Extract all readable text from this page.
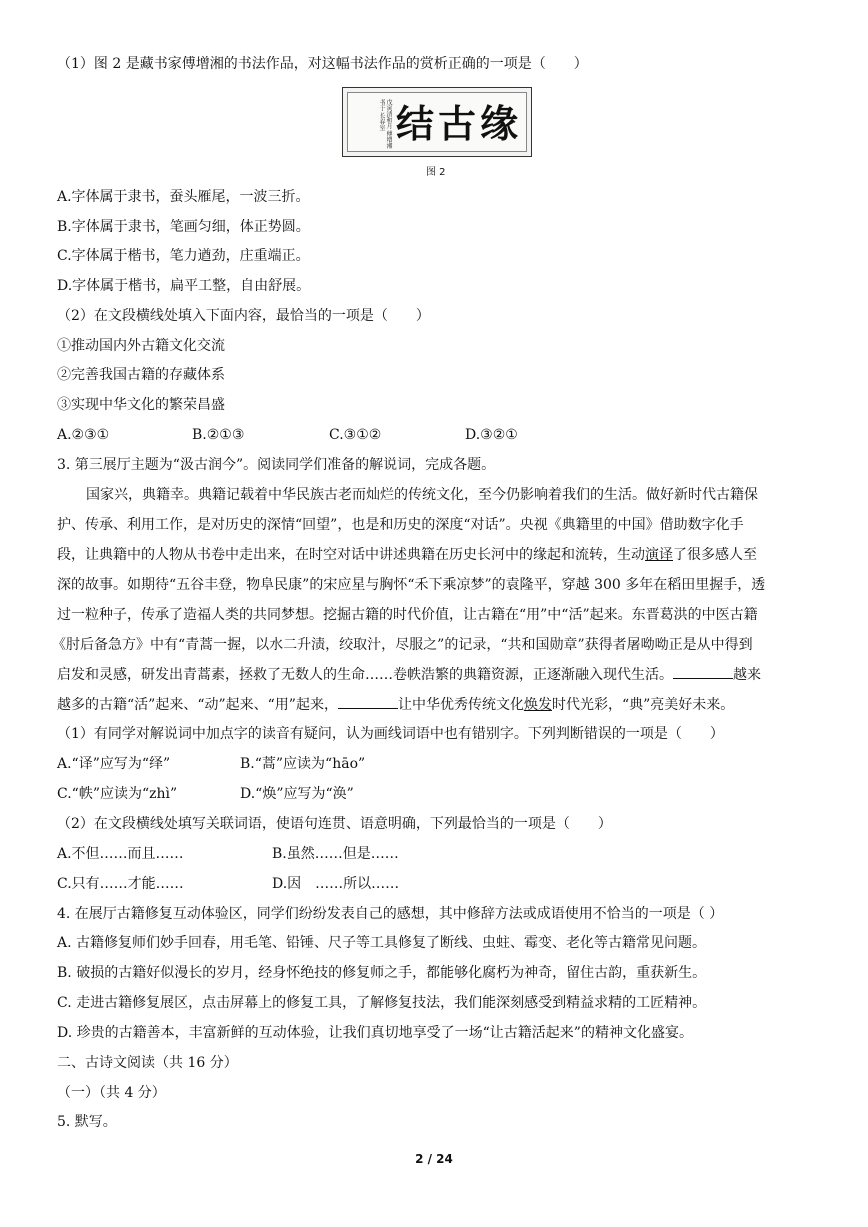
（1）图 2 是藏书家傅增湘的书法作品，对这幅书法作品的赏析正确的一项是（　　）
戊寅清和月 傅增湘书于 长春室 结古缘
图 2
A.字体属于隶书，蚕头雁尾，一波三折。
B.字体属于隶书，笔画匀细，体正势圆。
C.字体属于楷书，笔力遒劲，庄重端正。
D.字体属于楷书，扁平工整，自由舒展。
（2）在文段横线处填入下面内容，最恰当的一项是（　　）
①推动国内外古籍文化交流
②完善我国古籍的存藏体系
③实现中华文化的繁荣昌盛
A.②③①	B.②①③	C.③①②	D.③②①
3. 第三展厅主题为“汲古润今”。阅读同学们准备的解说词，完成各题。
国家兴，典籍幸。典籍记载着中华民族古老而灿烂的传统文化，至今仍影响着我们的生活。做好新时代古籍保
护、传承、利用工作，是对历史的深情“回望”，也是和历史的深度“对话”。央视《典籍里的中国》借助数字化手
段，让典籍中的人物从书卷中走出来，在时空对话中讲述典籍在历史长河中的缘起和流转，生动演译了很多感人至
深的故事。如期待“五谷丰登，物阜民康”的宋应星与胸怀“禾下乘凉梦”的袁隆平，穿越 300 多年在稻田里握手，透
过一粒种子，传承了造福人类的共同梦想。挖掘古籍的时代价值，让古籍在“用”中“活”起来。东晋葛洪的中医古籍
《肘后备急方》中有“青蒿一握，以水二升渍，绞取汁，尽服之”的记录，“共和国勋章”获得者屠呦呦正是从中得到
启发和灵感，研发出青蒿素，拯救了无数人的生命……卷帙浩繁的典籍资源，正逐渐融入现代生活。	越来
越多的古籍“活”起来、“动”起来、“用”起来，	让中华优秀传统文化焕发时代光彩，“典”亮美好未来。
（1）有同学对解说词中加点字的读音有疑问，认为画线词语中也有错别字。下列判断错误的一项是（　　）
A.“译”应写为“绎”	B.“蒿”应读为“hāo”
C.“帙”应读为“zhì”	D.“焕”应写为“涣”
（2）在文段横线处填写关联词语，使语句连贯、语意明确，下列最恰当的一项是（　　）
A.不但……而且……	B.虽然……但是……
C.只有……才能……	D.因　……所以……
4. 在展厅古籍修复互动体验区，同学们纷纷发表自己的感想，其中修辞方法或成语使用不恰当的一项是（ ）
A. 古籍修复师们妙手回春，用毛笔、铅锤、尺子等工具修复了断线、虫蛀、霉变、老化等古籍常见问题。
B. 破损的古籍好似漫长的岁月，经身怀绝技的修复师之手，都能够化腐朽为神奇，留住古韵，重获新生。
C. 走进古籍修复展区，点击屏幕上的修复工具，了解修复技法，我们能深刻感受到精益求精的工匠精神。
D. 珍贵的古籍善本，丰富新鲜的互动体验，让我们真切地享受了一场“让古籍活起来”的精神文化盛宴。
二、古诗文阅读（共 16 分）
（一）（共 4 分）
5. 默写。
2 / 24
